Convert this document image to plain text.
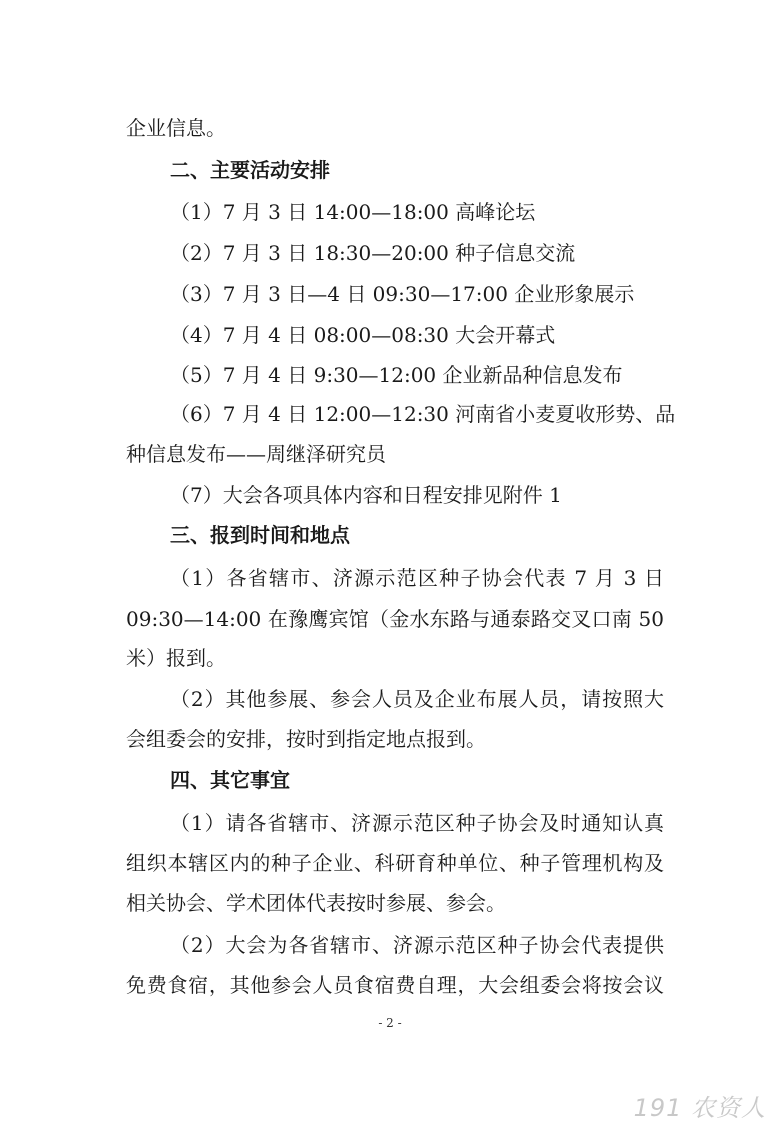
企业信息。
二、主要活动安排
（1）7 月 3 日 14:00—18:00 高峰论坛
（2）7 月 3 日 18:30—20:00 种子信息交流
（3）7 月 3 日—4 日 09:30—17:00 企业形象展示
（4）7 月 4 日 08:00—08:30 大会开幕式
（5）7 月 4 日 9:30—12:00 企业新品种信息发布
（6）7 月 4 日 12:00—12:30 河南省小麦夏收形势、品
种信息发布——周继泽研究员
（7）大会各项具体内容和日程安排见附件 1
三、报到时间和地点
（1）各省辖市、济源示范区种子协会代表 7 月 3 日
09:30—14:00 在豫鹰宾馆（金水东路与通泰路交叉口南 50
米）报到。
（2）其他参展、参会人员及企业布展人员，请按照大
会组委会的安排，按时到指定地点报到。
四、其它事宜
（1）请各省辖市、济源示范区种子协会及时通知认真
组织本辖区内的种子企业、科研育种单位、种子管理机构及
相关协会、学术团体代表按时参展、参会。
（2）大会为各省辖市、济源示范区种子协会代表提供
免费食宿，其他参会人员食宿费自理，大会组委会将按会议
- 2 -
191 农资人
